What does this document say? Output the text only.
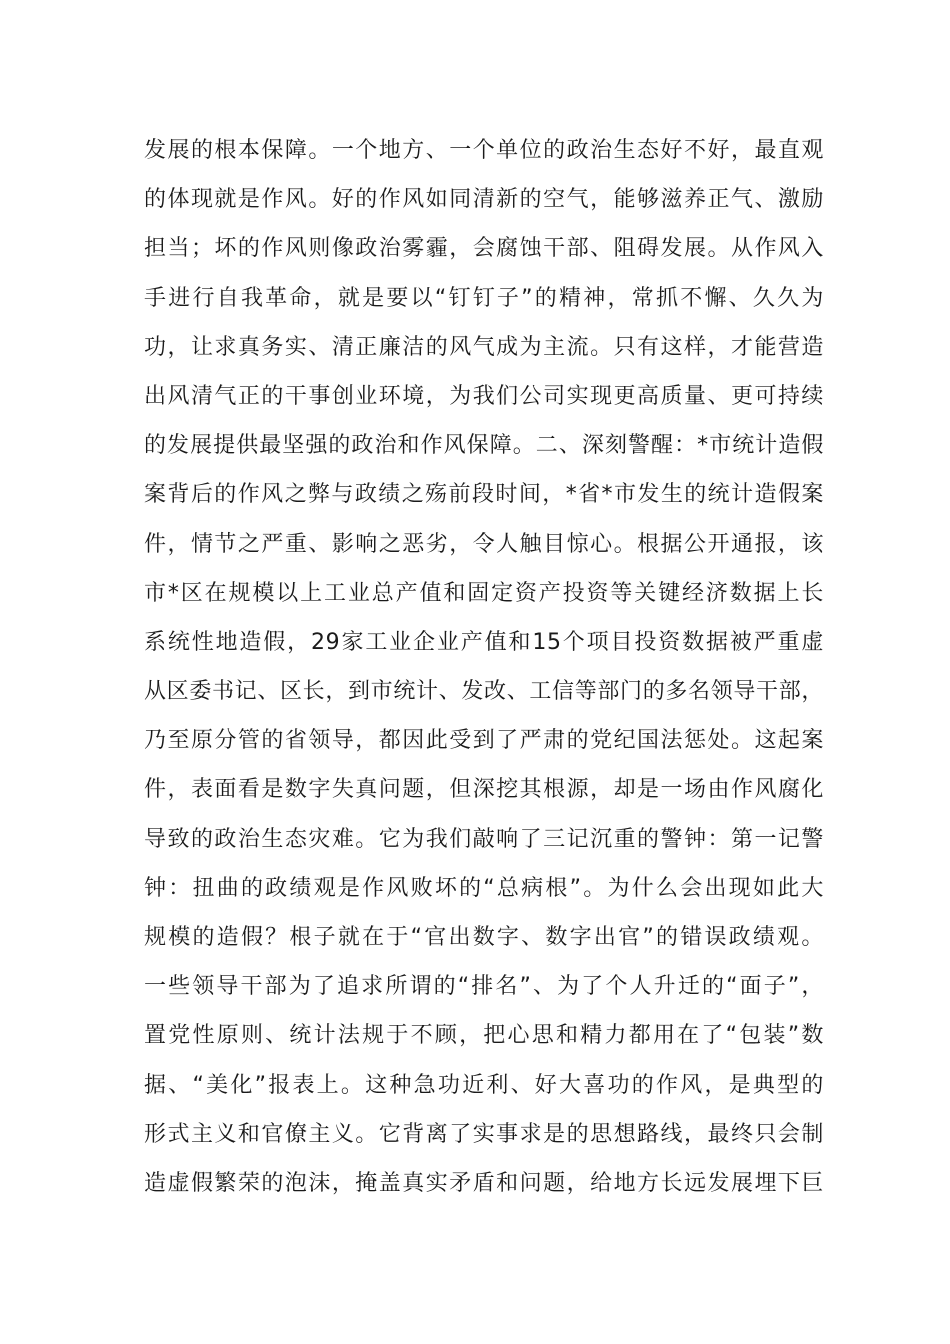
发展的根本保障。一个地方、一个单位的政治生态好不好，最直观
的体现就是作风。好的作风如同清新的空气，能够滋养正气、激励
担当；坏的作风则像政治雾霾，会腐蚀干部、阻碍发展。从作风入
手进行自我革命，就是要以“钉钉子”的精神，常抓不懈、久久为
功，让求真务实、清正廉洁的风气成为主流。只有这样，才能营造
出风清气正的干事创业环境，为我们公司实现更高质量、更可持续
的发展提供最坚强的政治和作风保障。二、深刻警醒：*市统计造假
案背后的作风之弊与政绩之殇前段时间，*省*市发生的统计造假案
件，情节之严重、影响之恶劣，令人触目惊心。根据公开通报，该
市*区在规模以上工业总产值和固定资产投资等关键经济数据上长
系统性地造假，29家工业企业产值和15个项目投资数据被严重虚
从区委书记、区长，到市统计、发改、工信等部门的多名领导干部，
乃至原分管的省领导，都因此受到了严肃的党纪国法惩处。这起案
件，表面看是数字失真问题，但深挖其根源，却是一场由作风腐化
导致的政治生态灾难。它为我们敲响了三记沉重的警钟：第一记警
钟：扭曲的政绩观是作风败坏的“总病根”。为什么会出现如此大
规模的造假？根子就在于“官出数字、数字出官”的错误政绩观。
一些领导干部为了追求所谓的“排名”、为了个人升迁的“面子”，
置党性原则、统计法规于不顾，把心思和精力都用在了“包装”数
据、“美化”报表上。这种急功近利、好大喜功的作风，是典型的
形式主义和官僚主义。它背离了实事求是的思想路线，最终只会制
造虚假繁荣的泡沫，掩盖真实矛盾和问题，给地方长远发展埋下巨
